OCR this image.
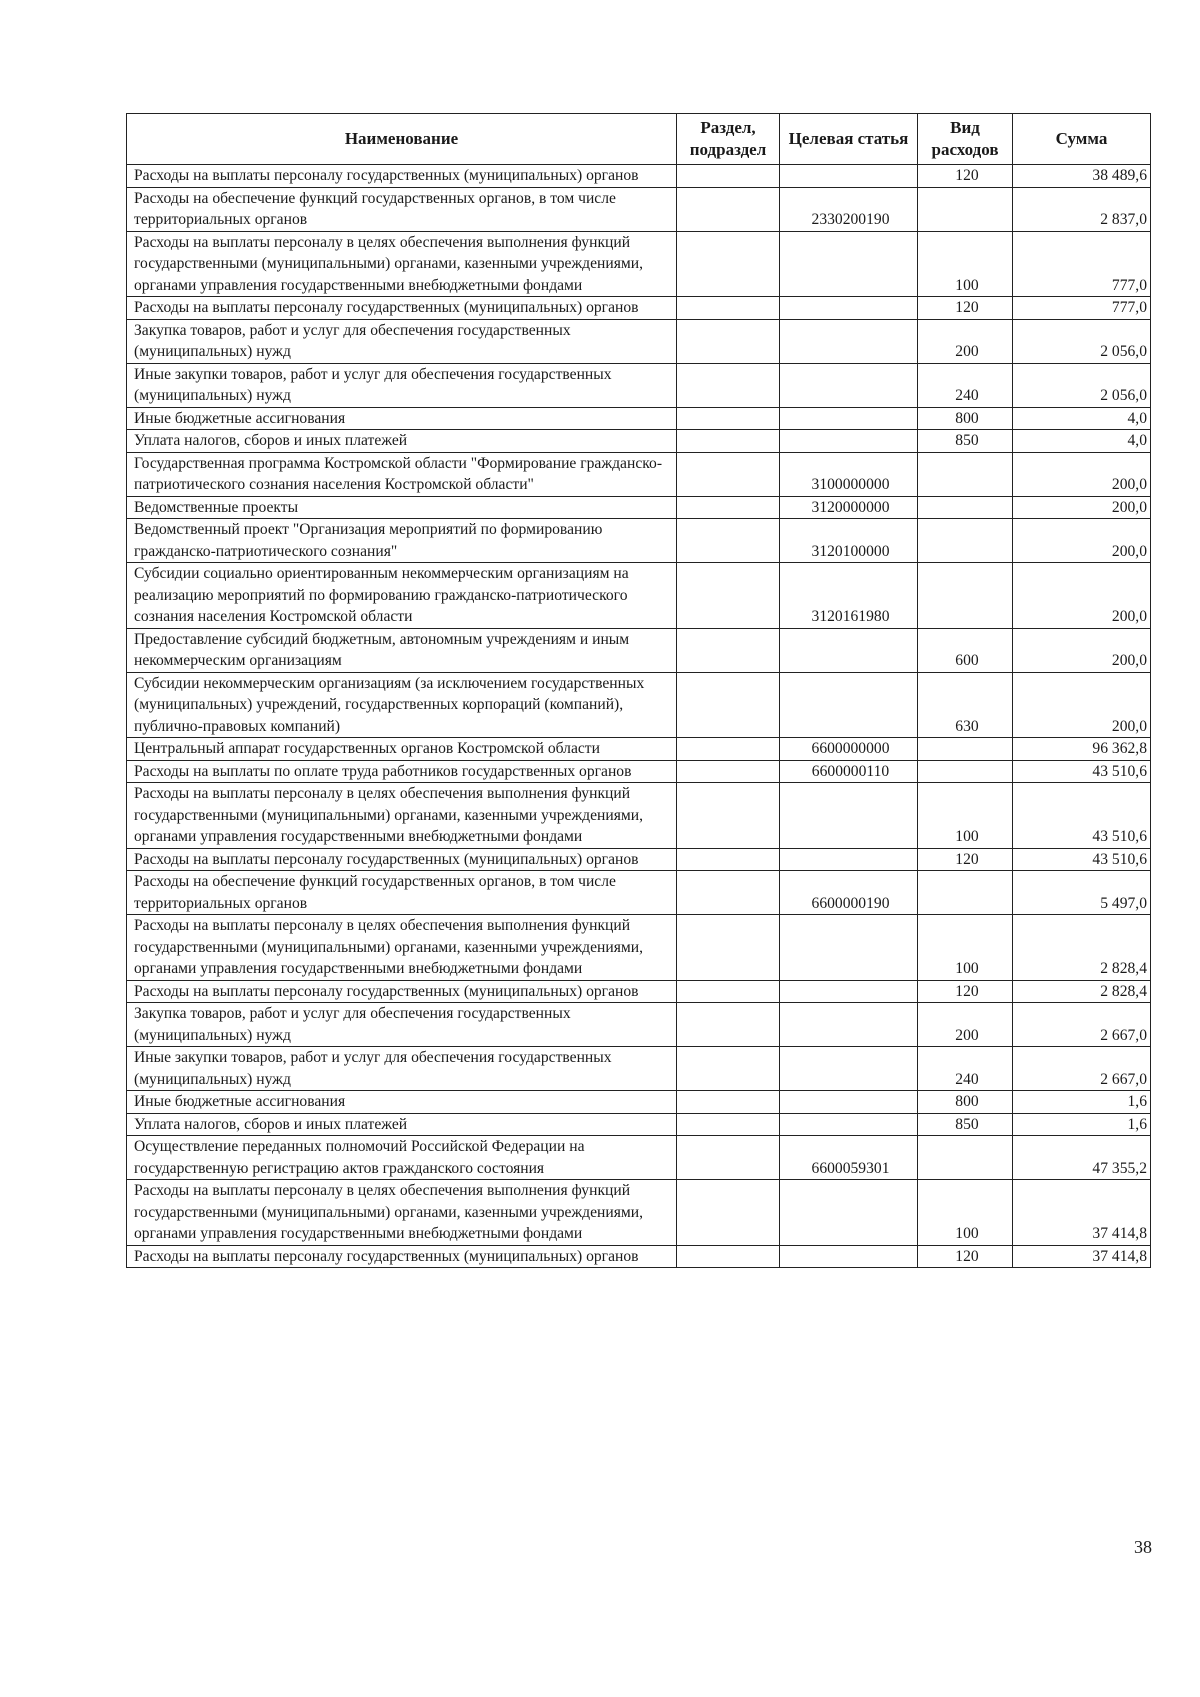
Наименование	Раздел, подраздел	Целевая статья	Вид расходов	Сумма
Расходы на выплаты персоналу государственных (муниципальных) органов			120	38 489,6
Расходы на обеспечение функций государственных органов, в том числе территориальных органов		2330200190		2 837,0
Расходы на выплаты персоналу в целях обеспечения выполнения функций государственными (муниципальными) органами, казенными учреждениями, органами управления государственными внебюджетными фондами			100	777,0
Расходы на выплаты персоналу государственных (муниципальных) органов			120	777,0
Закупка товаров, работ и услуг для обеспечения государственных (муниципальных) нужд			200	2 056,0
Иные закупки товаров, работ и услуг для обеспечения государственных (муниципальных) нужд			240	2 056,0
Иные бюджетные ассигнования			800	4,0
Уплата налогов, сборов и иных платежей			850	4,0
Государственная программа Костромской области "Формирование гражданско-патриотического сознания населения Костромской области"		3100000000		200,0
Ведомственные проекты		3120000000		200,0
Ведомственный проект "Организация мероприятий по формированию гражданско-патриотического сознания"		3120100000		200,0
Субсидии социально ориентированным некоммерческим организациям на реализацию мероприятий по формированию гражданско-патриотического сознания населения Костромской области		3120161980		200,0
Предоставление субсидий бюджетным, автономным учреждениям и иным некоммерческим организациям			600	200,0
Субсидии некоммерческим организациям (за исключением государственных (муниципальных) учреждений, государственных корпораций (компаний), публично-правовых компаний)			630	200,0
Центральный аппарат государственных органов Костромской области		6600000000		96 362,8
Расходы на выплаты по оплате труда работников государственных органов		6600000110		43 510,6
Расходы на выплаты персоналу в целях обеспечения выполнения функций государственными (муниципальными) органами, казенными учреждениями, органами управления государственными внебюджетными фондами			100	43 510,6
Расходы на выплаты персоналу государственных (муниципальных) органов			120	43 510,6
Расходы на обеспечение функций государственных органов, в том числе территориальных органов		6600000190		5 497,0
Расходы на выплаты персоналу в целях обеспечения выполнения функций государственными (муниципальными) органами, казенными учреждениями, органами управления государственными внебюджетными фондами			100	2 828,4
Расходы на выплаты персоналу государственных (муниципальных) органов			120	2 828,4
Закупка товаров, работ и услуг для обеспечения государственных (муниципальных) нужд			200	2 667,0
Иные закупки товаров, работ и услуг для обеспечения государственных (муниципальных) нужд			240	2 667,0
Иные бюджетные ассигнования			800	1,6
Уплата налогов, сборов и иных платежей			850	1,6
Осуществление переданных полномочий Российской Федерации на государственную регистрацию актов гражданского состояния		6600059301		47 355,2
Расходы на выплаты персоналу в целях обеспечения выполнения функций государственными (муниципальными) органами, казенными учреждениями, органами управления государственными внебюджетными фондами			100	37 414,8
Расходы на выплаты персоналу государственных (муниципальных) органов			120	37 414,8
38
